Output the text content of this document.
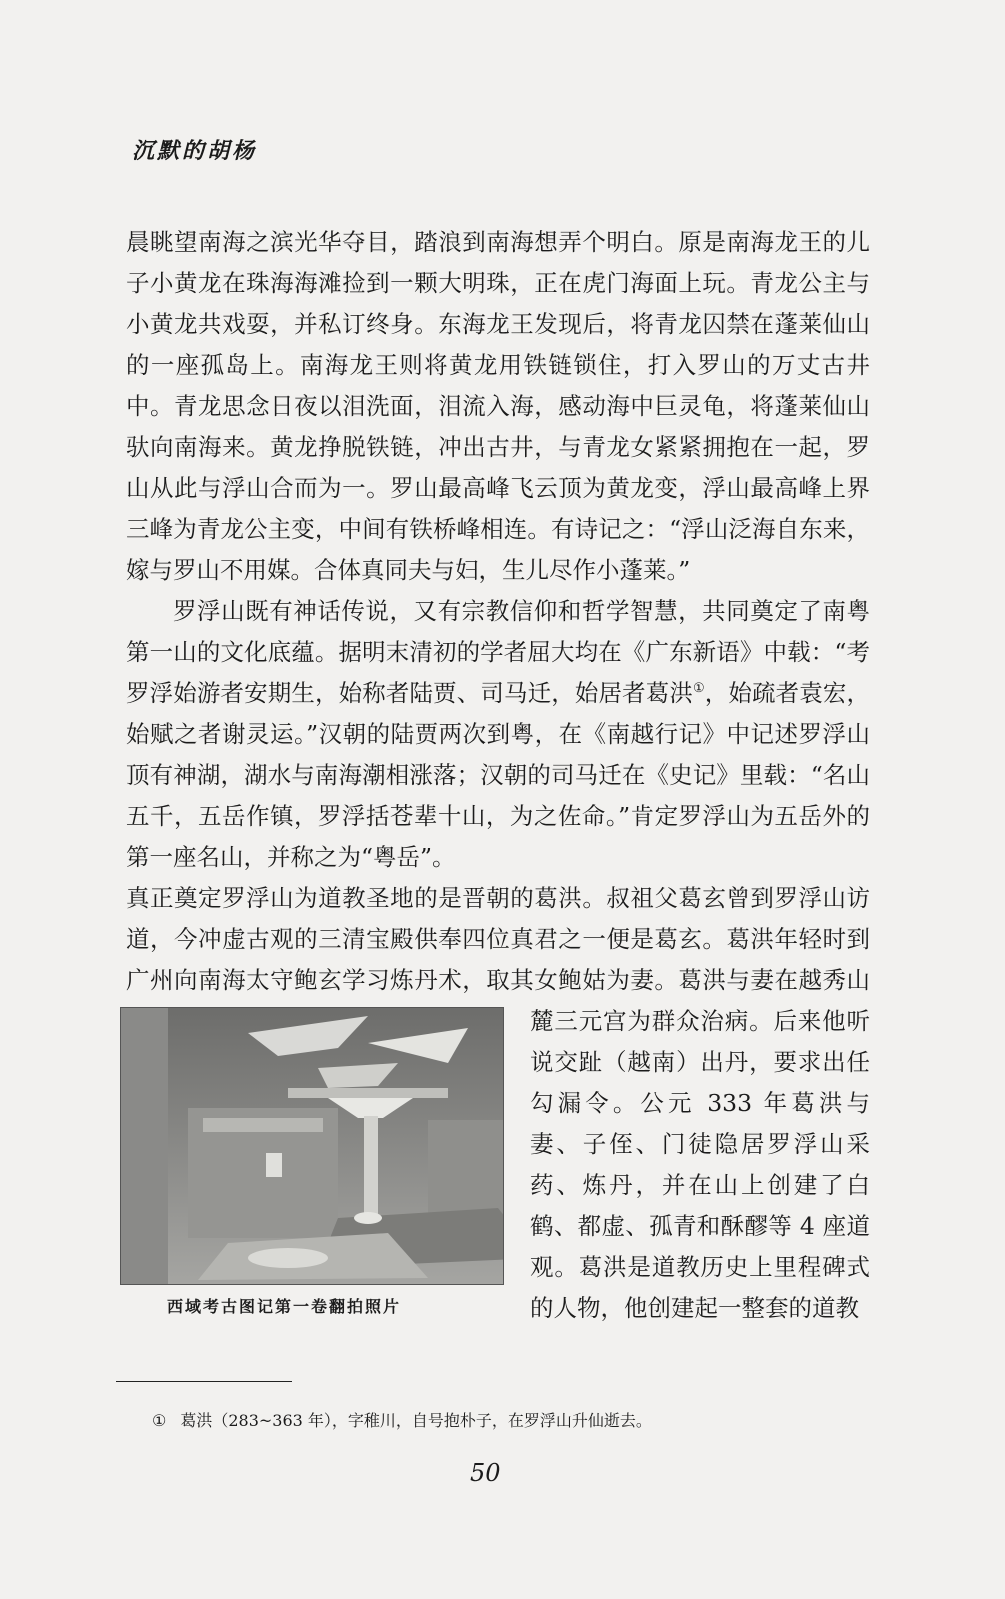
沉默的胡杨

晨眺望南海之滨光华夺目，踏浪到南海想弄个明白。原是南海龙王的儿子小黄龙在珠海海滩捡到一颗大明珠，正在虎门海面上玩。青龙公主与小黄龙共戏耍，并私订终身。东海龙王发现后，将青龙囚禁在蓬莱仙山的一座孤岛上。南海龙王则将黄龙用铁链锁住，打入罗山的万丈古井中。青龙思念日夜以泪洗面，泪流入海，感动海中巨灵龟，将蓬莱仙山驮向南海来。黄龙挣脱铁链，冲出古井，与青龙女紧紧拥抱在一起，罗山从此与浮山合而为一。罗山最高峰飞云顶为黄龙变，浮山最高峰上界三峰为青龙公主变，中间有铁桥峰相连。有诗记之：“浮山泛海自东来，嫁与罗山不用媒。合体真同夫与妇，生儿尽作小蓬莱。”

罗浮山既有神话传说，又有宗教信仰和哲学智慧，共同奠定了南粤第一山的文化底蕴。据明末清初的学者屈大均在《广东新语》中载：“考罗浮始游者安期生，始称者陆贾、司马迁，始居者葛洪①，始疏者袁宏，始赋之者谢灵运。”汉朝的陆贾两次到粤，在《南越行记》中记述罗浮山顶有神湖，湖水与南海潮相涨落；汉朝的司马迁在《史记》里载：“名山五千，五岳作镇，罗浮括苍辈十山，为之佐命。”肯定罗浮山为五岳外的第一座名山，并称之为“粤岳”。

真正奠定罗浮山为道教圣地的是晋朝的葛洪。叔祖父葛玄曾到罗浮山访道，今冲虚古观的三清宝殿供奉四位真君之一便是葛玄。葛洪年轻时到广州向南海太守鲍玄学习炼丹术，取其女鲍姑为妻。葛洪与妻在越
西域考古图记第一卷翻拍照片
秀山麓三元宫为群众治病。后来他听说交趾（越南）出丹，要求出任勾漏令。公元 333 年葛洪与妻、子侄、门徒隐居罗浮山采药、炼丹，并在山上创建了白鹤、都虚、孤青和酥醪等 4 座道观。葛洪是道教历史上里程碑式的人物，他创建起一整套的道教

① 葛洪（283~363 年），字稚川，自号抱朴子，在罗浮山升仙逝去。
50
